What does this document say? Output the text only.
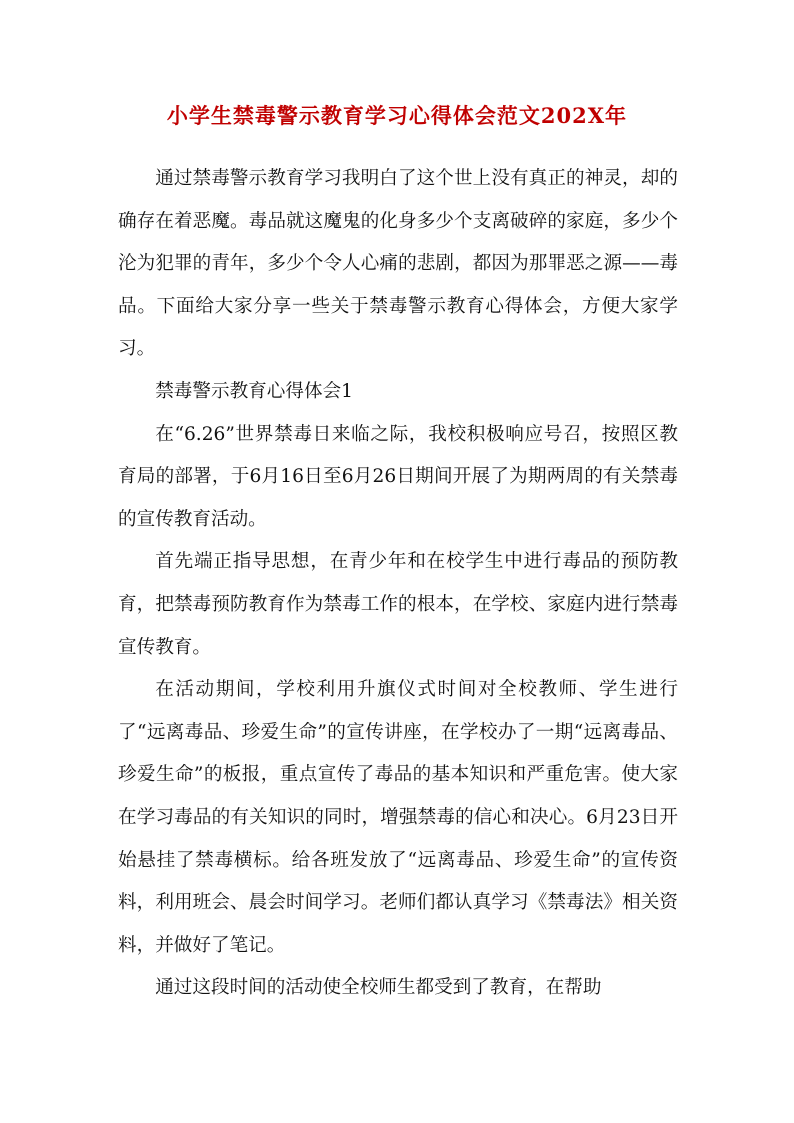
小学生禁毒警示教育学习心得体会范文202X年

通过禁毒警示教育学习我明白了这个世上没有真正的神灵，却的确存在着恶魔。毒品就这魔鬼的化身多少个支离破碎的家庭，多少个沦为犯罪的青年，多少个令人心痛的悲剧，都因为那罪恶之源——毒品。下面给大家分享一些关于禁毒警示教育心得体会，方便大家学习。

禁毒警示教育心得体会1

在“6.26”世界禁毒日来临之际，我校积极响应号召，按照区教育局的部署，于6月16日至6月26日期间开展了为期两周的有关禁毒的宣传教育活动。

首先端正指导思想，在青少年和在校学生中进行毒品的预防教育，把禁毒预防教育作为禁毒工作的根本，在学校、家庭内进行禁毒宣传教育。

在活动期间，学校利用升旗仪式时间对全校教师、学生进行了“远离毒品、珍爱生命”的宣传讲座，在学校办了一期“远离毒品、珍爱生命”的板报，重点宣传了毒品的基本知识和严重危害。使大家在学习毒品的有关知识的同时，增强禁毒的信心和决心。6月23日开始悬挂了禁毒横标。给各班发放了“远离毒品、珍爱生命”的宣传资料，利用班会、晨会时间学习。老师们都认真学习《禁毒法》相关资料，并做好了笔记。

通过这段时间的活动使全校师生都受到了教育，在帮助
